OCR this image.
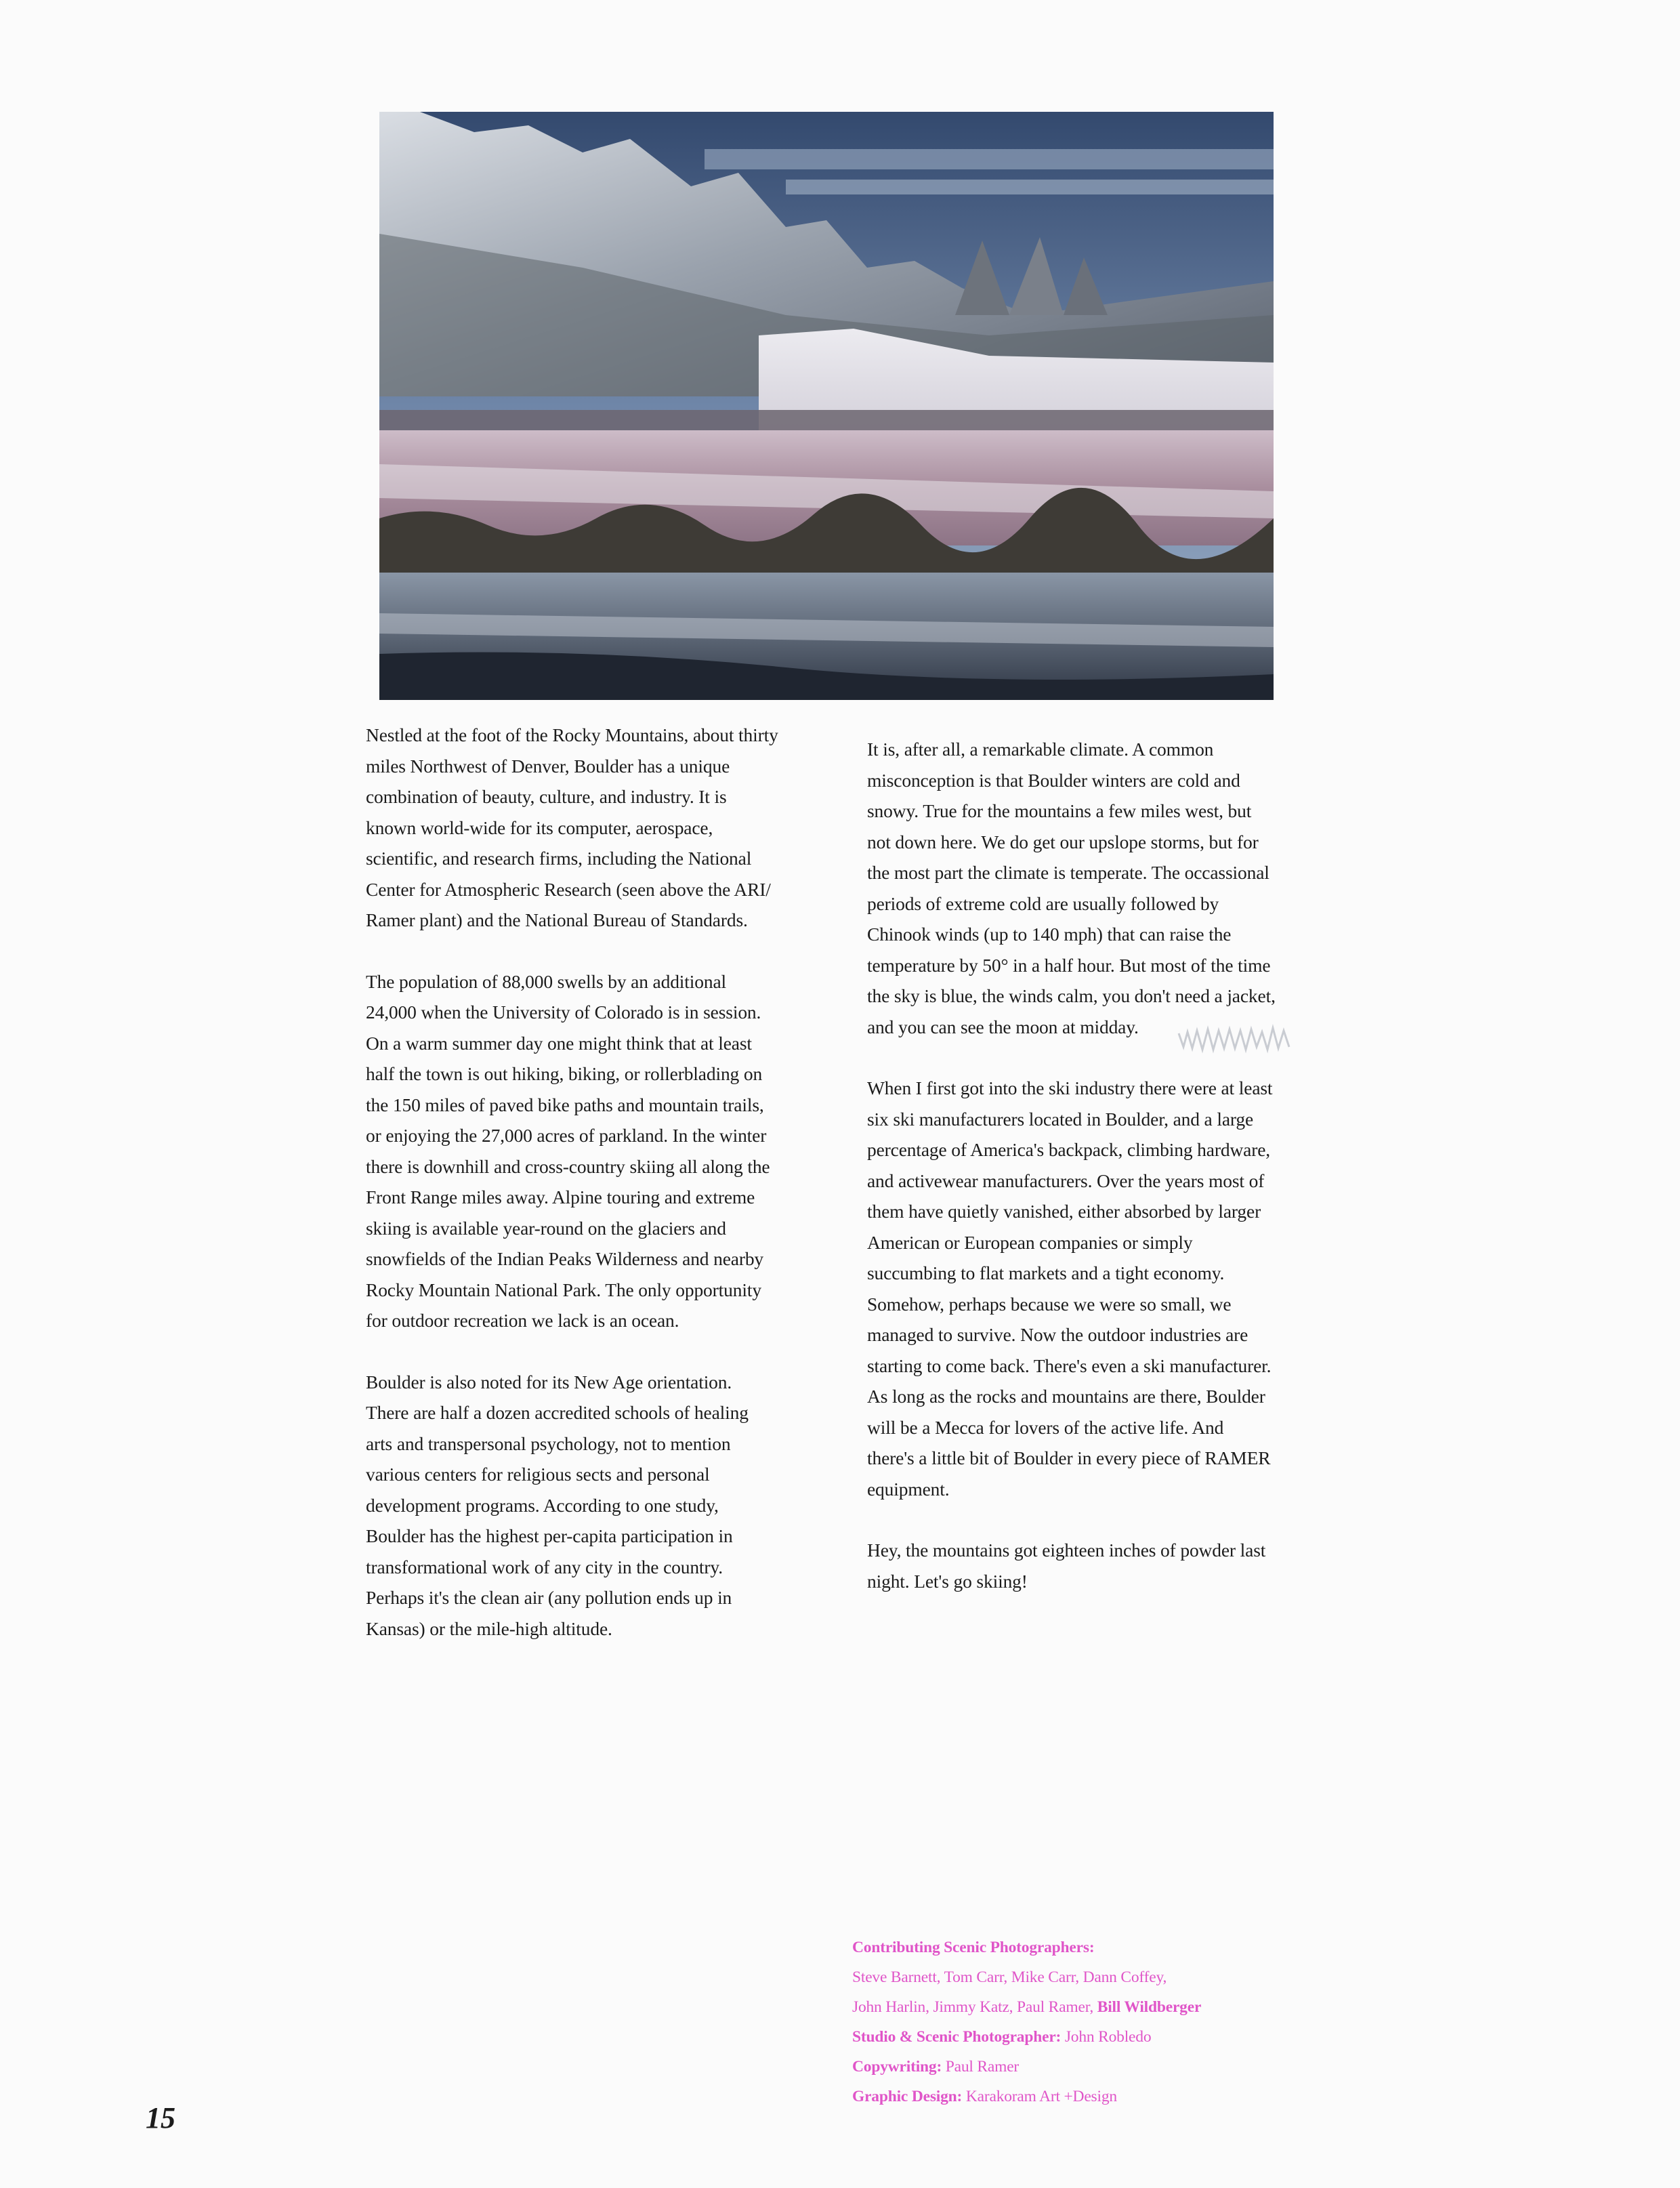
Nestled at the foot of the Rocky Mountains, about thirty
miles Northwest of Denver, Boulder has a unique
combination of beauty, culture, and industry. It is
known world-wide for its computer, aerospace,
scientific, and research firms, including the National
Center for Atmospheric Research (seen above the ARI/
Ramer plant) and the National Bureau of Standards.

The population of 88,000 swells by an additional
24,000 when the University of Colorado is in session.
On a warm summer day one might think that at least
half the town is out hiking, biking, or rollerblading on
the 150 miles of paved bike paths and mountain trails,
or enjoying the 27,000 acres of parkland. In the winter
there is downhill and cross-country skiing all along the
Front Range miles away. Alpine touring and extreme
skiing is available year-round on the glaciers and
snowfields of the Indian Peaks Wilderness and nearby
Rocky Mountain National Park. The only opportunity
for outdoor recreation we lack is an ocean.

Boulder is also noted for its New Age orientation.
There are half a dozen accredited schools of healing
arts and transpersonal psychology, not to mention
various centers for religious sects and personal
development programs. According to one study,
Boulder has the highest per-capita participation in
transformational work of any city in the country.
Perhaps it's the clean air (any pollution ends up in
Kansas) or the mile-high altitude.

It is, after all, a remarkable climate. A common
misconception is that Boulder winters are cold and
snowy. True for the mountains a few miles west, but
not down here. We do get our upslope storms, but for
the most part the climate is temperate. The occassional
periods of extreme cold are usually followed by
Chinook winds (up to 140 mph) that can raise the
temperature by 50° in a half hour. But most of the time
the sky is blue, the winds calm, you don't need a jacket,
and you can see the moon at midday.

When I first got into the ski industry there were at least
six ski manufacturers located in Boulder, and a large
percentage of America's backpack, climbing hardware,
and activewear manufacturers. Over the years most of
them have quietly vanished, either absorbed by larger
American or European companies or simply
succumbing to flat markets and a tight economy.
Somehow, perhaps because we were so small, we
managed to survive. Now the outdoor industries are
starting to come back. There's even a ski manufacturer.
As long as the rocks and mountains are there, Boulder
will be a Mecca for lovers of the active life. And
there's a little bit of Boulder in every piece of RAMER
equipment.

Hey, the mountains got eighteen inches of powder last
night. Let's go skiing!

Contributing Scenic Photographers:
Steve Barnett, Tom Carr, Mike Carr, Dann Coffey,
John Harlin, Jimmy Katz, Paul Ramer, Bill Wildberger
Studio & Scenic Photographer: John Robledo
Copywriting: Paul Ramer
Graphic Design: Karakoram Art +Design
15
